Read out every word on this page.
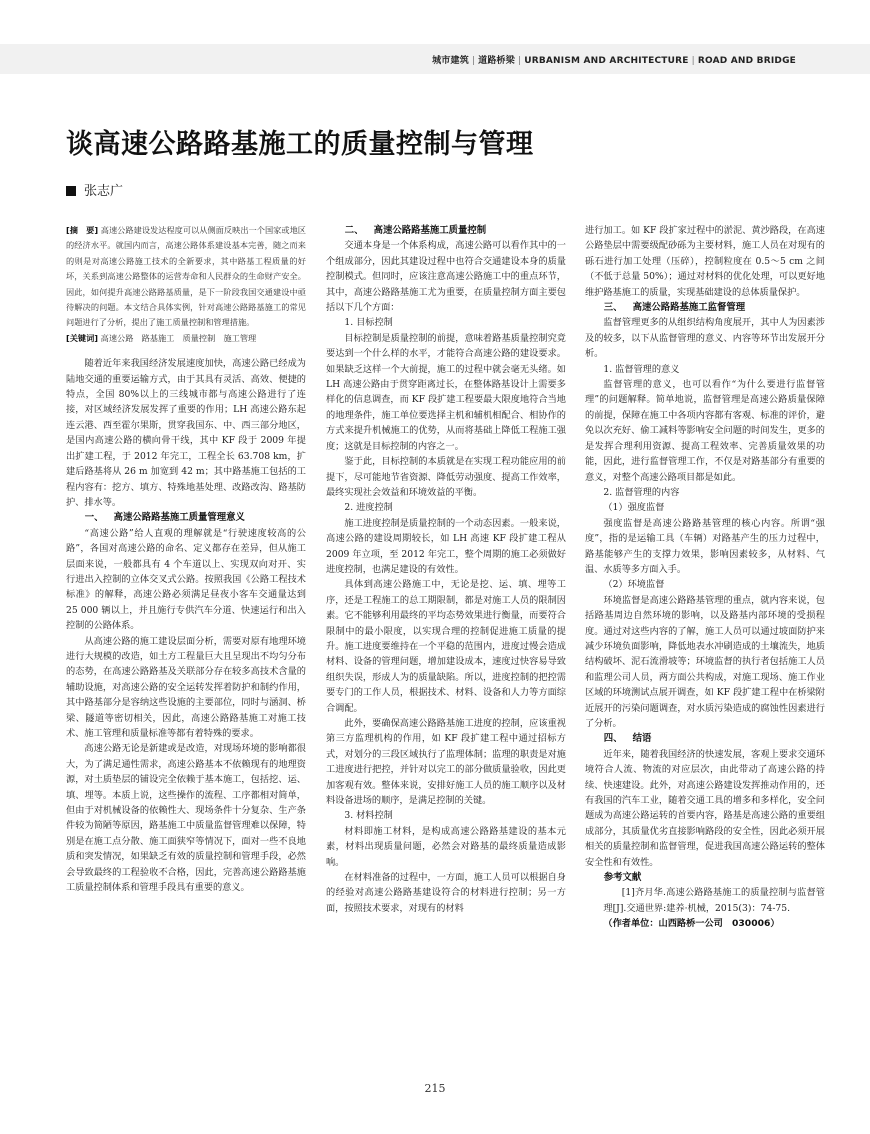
城市建筑 | 道路桥梁 | URBANISM AND ARCHITECTURE | ROAD AND BRIDGE
谈高速公路路基施工的质量控制与管理
张志广

[摘　要] 高速公路建设发达程度可以从侧面反映出一个国家或地区的经济水平。就国内而言，高速公路体系建设基本完善，随之而来的则是对高速公路施工技术的全新要求，其中路基工程质量的好坏，关系到高速公路整体的运营寿命和人民群众的生命财产安全。因此，如何提升高速公路路基质量，是下一阶段我国交通建设中亟待解决的问题。本文结合具体实例，针对高速公路路基施工的常见问题进行了分析，提出了施工质量控制和管理措施。

[关键词] 高速公路　路基施工　质量控制　施工管理

随着近年来我国经济发展速度加快，高速公路已经成为陆地交通的重要运输方式，由于其具有灵活、高效、便捷的特点，全国 80%以上的三线城市都与高速公路进行了连接，对区域经济发展发挥了重要的作用；LH 高速公路东起连云港、西至霍尔果斯，贯穿我国东、中、西三部分地区，是国内高速公路的横向骨干线，其中 KF 段于 2009 年提出扩建工程，于 2012 年完工，工程全长 63.708 km，扩建后路基将从 26 m 加宽到 42 m；其中路基施工包括的工程内容有：挖方、填方、特殊地基处理、改路改沟、路基防护、排水等。

一、 高速公路路基施工质量管理意义

“高速公路”给人直观的理解就是“行驶速度较高的公路”，各国对高速公路的命名、定义都存在差异，但从施工层面来说，一般都具有 4 个车道以上、实现双向对开、实行进出入控制的立体交叉式公路。按照我国《公路工程技术标准》的解释，高速公路必须满足昼夜小客车交通量达到 25 000 辆以上，并且施行专供汽车分道、快速运行和出入控制的公路体系。

从高速公路的施工建设层面分析，需要对原有地理环境进行大规模的改造，如土方工程量巨大且呈现出不均匀分布的态势，在高速公路路基及关联部分存在较多高技术含量的辅助设施，对高速公路的安全运转发挥着防护和制约作用，其中路基部分是容纳这些设施的主要部位，同时与涵洞、桥梁、隧道等密切相关，因此，高速公路路基施工对施工技术、施工管理和质量标准等都有着特殊的要求。

高速公路无论是新建或是改造，对现场环境的影响都很大，为了满足通性需求，高速公路基本不依赖现有的地理资源，对土质垫层的铺设完全依赖于基本施工，包括挖、运、填、埋等。本质上说，这些操作的流程、工序都相对简单，但由于对机械设备的依赖性大、现场条件十分复杂、生产条件较为简陋等原因，路基施工中质量监督管理难以保障，特别是在施工点分散、施工面狭窄等情况下，面对一些不良地质和突发情况，如果缺乏有效的质量控制和管理手段，必然会导致最终的工程验收不合格，因此，完善高速公路路基施工质量控制体系和管理手段具有重要的意义。

二、 高速公路路基施工质量控制

交通本身是一个体系构成，高速公路可以看作其中的一个组成部分，因此其建设过程中也符合交通建设本身的质量控制模式。但同时，应该注意高速公路施工中的重点环节，其中，高速公路路基施工尤为重要，在质量控制方面主要包括以下几个方面：

1. 目标控制

目标控制是质量控制的前提，意味着路基质量控制究竟要达到一个什么样的水平，才能符合高速公路的建设要求。如果缺乏这样一个大前提，施工的过程中就会毫无头绪。如 LH 高速公路由于贯穿距离过长，在整体路基设计上需要多样化的信息调查，而 KF 段扩建工程要最大限度地符合当地的地理条件，施工单位要选择主机和辅机相配合、相协作的方式来提升机械施工的优势，从而将基础上降低工程施工强度；这就是目标控制的内容之一。

鉴于此，目标控制的本质就是在实现工程功能应用的前提下，尽可能地节省资源、降低劳动强度、提高工作效率，最终实现社会效益和环境效益的平衡。

2. 进度控制

施工进度控制是质量控制的一个动态因素。一般来说，高速公路的建设周期较长，如 LH 高速 KF 段扩建工程从 2009 年立项，至 2012 年完工，整个周期的施工必须做好进度控制，也满足建设的有效性。

具体到高速公路施工中，无论是挖、运、填、埋等工序，还是工程施工的总工期限制，都是对施工人员的限制因素。它不能够利用最终的平均态势效果进行衡量，而要符合限制中的最小限度，以实现合理的控制促进施工质量的提升。施工进度要维持在一个平稳的范围内，进度过慢会造成材料、设备的管理问题，增加建设成本，速度过快容易导致组织失误，形成人为的质量缺陷。所以，进度控制的把控需要专门的工作人员，根据技术、材料、设备和人力等方面综合调配。

此外，要确保高速公路路基施工进度的控制，应该重视第三方监理机构的作用，如 KF 段扩建工程中通过招标方式，对划分的三段区域执行了监理体制；监理的职责是对施工进度进行把控，并针对以完工的部分做质量验收，因此更加客观有效。整体来说，安排好施工人员的施工顺序以及材料设备进场的顺序，是满足控制的关键。

3. 材料控制

材料即施工材料，是构成高速公路路基建设的基本元素，材料出现质量问题，必然会对路基的最终质量造成影响。

在材料准备的过程中，一方面，施工人员可以根据自身的经验对高速公路路基建设符合的材料进行控制；另一方面，按照技术要求，对现有的材料

进行加工。如 KF 段扩家过程中的淤泥、黄沙路段，在高速公路垫层中需要级配砂砾为主要材料，施工人员在对现有的砾石进行加工处理（压碎），控制粒度在 0.5～5 cm 之间（不低于总量 50%）；通过对材料的优化处理，可以更好地维护路基施工的质量，实现基础建设的总体质量保护。

三、 高速公路路基施工监督管理

监督管理更多的从组织结构角度展开，其中人为因素涉及的较多，以下从监督管理的意义、内容等环节出发展开分析。

1. 监督管理的意义

监督管理的意义，也可以看作“为什么要进行监督管理”的问题解释。简单地说，监督管理是高速公路质量保障的前提，保障在施工中各项内容都有客观、标准的评价，避免以次充好、偷工减料等影响安全问题的时间发生，更多的是发挥合理利用资源、提高工程效率、完善质量效果的功能，因此，进行监督管理工作，不仅是对路基部分有重要的意义，对整个高速公路项目都是如此。

2. 监督管理的内容

（1）强度监督

强度监督是高速公路路基管理的核心内容。所谓“强度”，指的是运输工具（车辆）对路基产生的压力过程中，路基能够产生的支撑力效果，影响因素较多，从材料、气温、水质等多方面入手。

（2）环境监督

环境监督是高速公路路基管理的重点，就内容来说，包括路基周边自然环境的影响，以及路基内部环境的受损程度。通过对这些内容的了解，施工人员可以通过坡面防护来减少环境负面影响，降低地表水冲刷造成的土壤流失，地质结构破坏、泥石流滑坡等；环境监督的执行者包括施工人员和监理公司人员，两方面公共构成，对施工现场、施工作业区域的环境测试点展开调查，如 KF 段扩建工程中在桥梁附近展开的污染问题调查，对水质污染造成的腐蚀性因素进行了分析。

四、 结语

近年来，随着我国经济的快速发展，客观上要求交通环境符合人流、物流的对应层次，由此带动了高速公路的持续、快速建设。此外，对高速公路建设发挥推动作用的，还有我国的汽车工业，随着交通工具的增多和多样化，安全问题成为高速公路运转的首要内容，路基是高速公路的重要组成部分，其质量优劣直接影响路段的安全性，因此必须开展相关的质量控制和监督管理，促进我国高速公路运转的整体安全性和有效性。

参考文献

[1]齐月华.高速公路路基施工的质量控制与监督管理[J].交通世界:建养·机械，2015(3)：74-75.

（作者单位：山西路桥一公司　030006）

215
